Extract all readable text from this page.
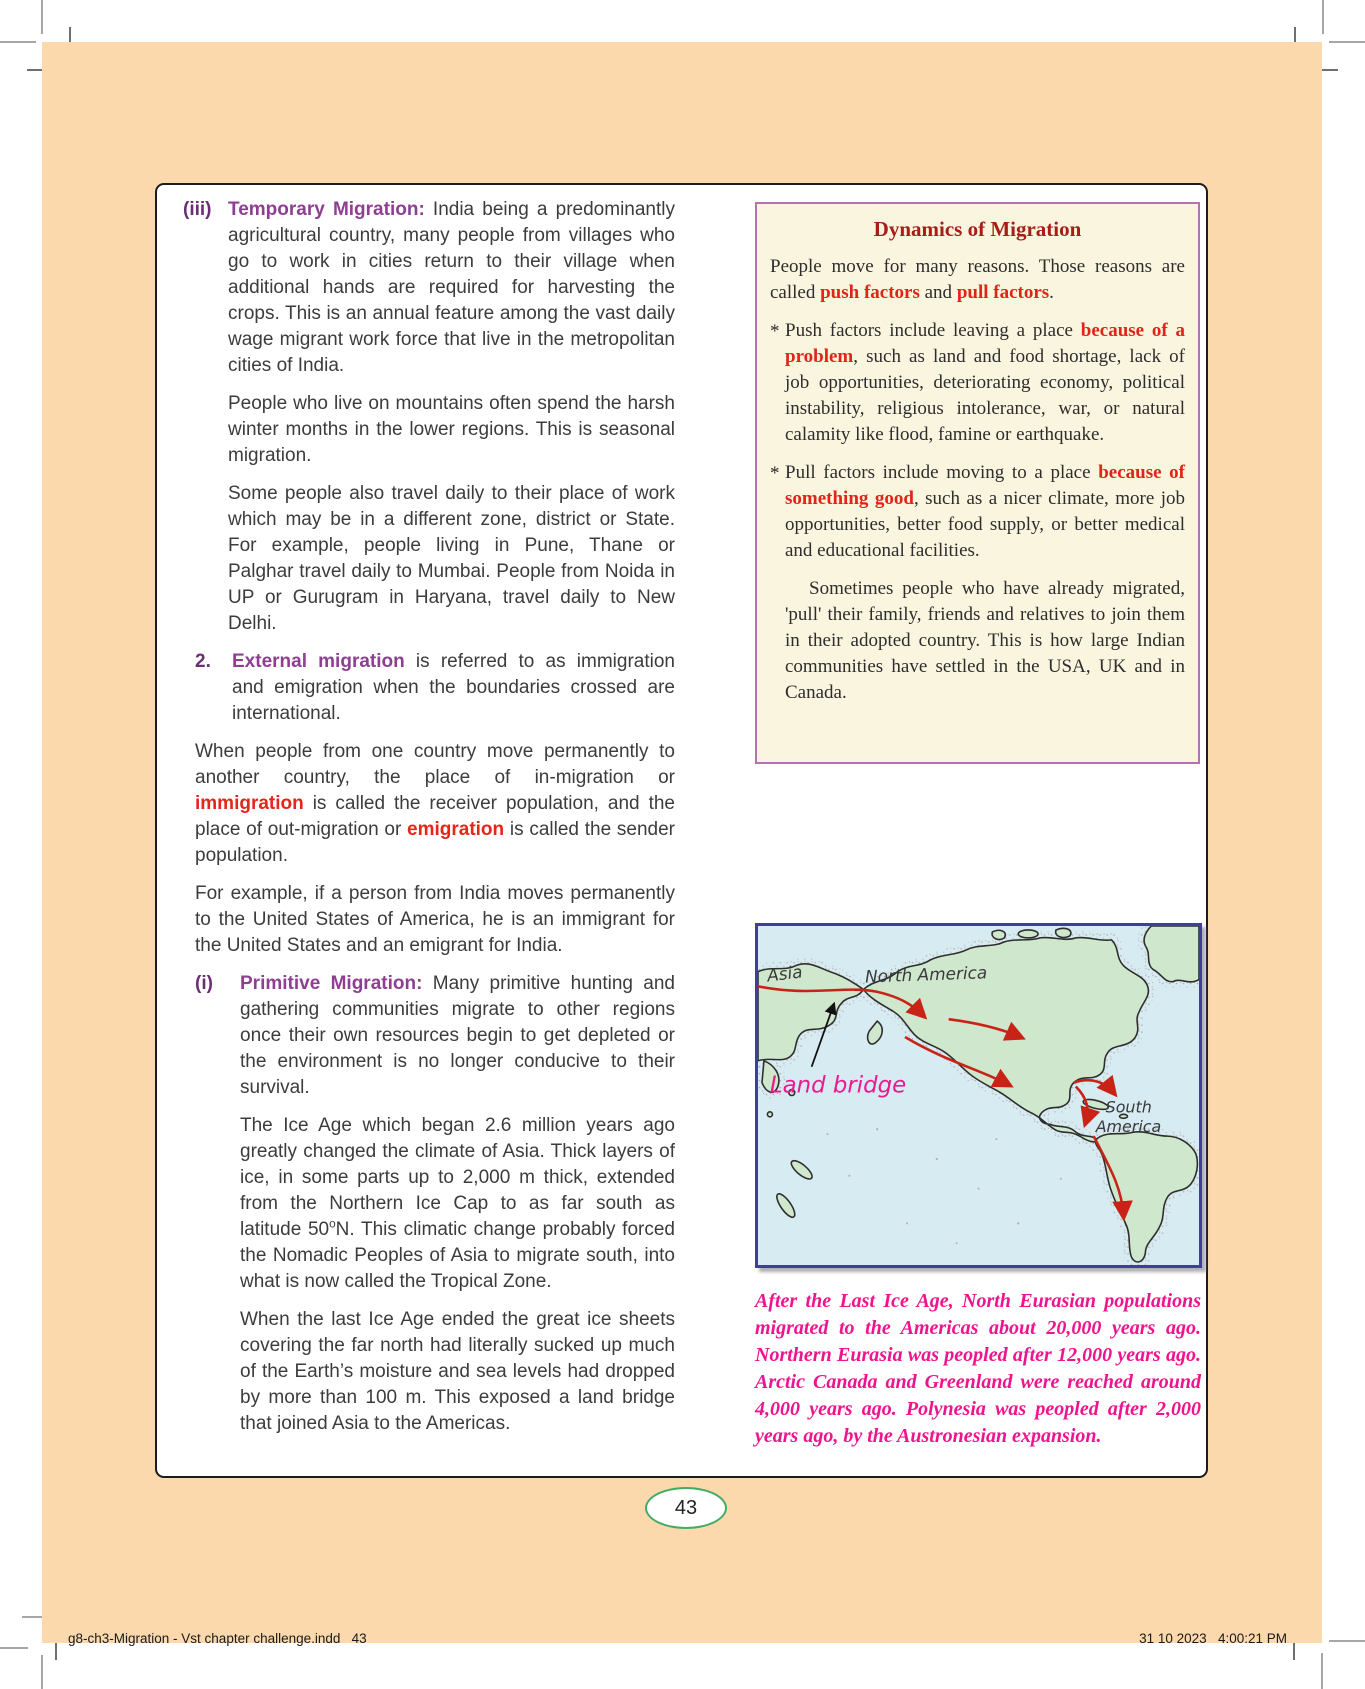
(iii) Temporary Migration: India being a predominantly agricultural country, many people from villages who go to work in cities return to their village when additional hands are required for harvesting the crops. This is an annual feature among the vast daily wage migrant work force that live in the metropolitan cities of India.

People who live on mountains often spend the harsh winter months in the lower regions. This is seasonal migration.

Some people also travel daily to their place of work which may be in a different zone, district or State. For example, people living in Pune, Thane or Palghar travel daily to Mumbai. People from Noida in UP or Gurugram in Haryana, travel daily to New Delhi.

2. External migration is referred to as immigration and emigration when the boundaries crossed are international.

When people from one country move permanently to another country, the place of in-migration or immigration is called the receiver population, and the place of out-migration or emigration is called the sender population.

For example, if a person from India moves permanently to the United States of America, he is an immigrant for the United States and an emigrant for India.

(i) Primitive Migration: Many primitive hunting and gathering communities migrate to other regions once their own resources begin to get depleted or the environment is no longer conducive to their survival.

The Ice Age which began 2.6 million years ago greatly changed the climate of Asia. Thick layers of ice, in some parts up to 2,000 m thick, extended from the Northern Ice Cap to as far south as latitude 50$^o$N. This climatic change probably forced the Nomadic Peoples of Asia to migrate south, into what is now called the Tropical Zone.

When the last Ice Age ended the great ice sheets covering the far north had literally sucked up much of the Earth’s moisture and sea levels had dropped by more than 100 m. This exposed a land bridge that joined Asia to the Americas.

Dynamics of Migration

People move for many reasons. Those reasons are called push factors and pull factors.

* Push factors include leaving a place because of a problem, such as land and food shortage, lack of job opportunities, deteriorating economy, political instability, religious intolerance, war, or natural calamity like flood, famine or earthquake.

* Pull factors include moving to a place because of something good, such as a nicer climate, more job opportunities, better food supply, or better medical and educational facilities.

Sometimes people who have already migrated, 'pull' their family, friends and relatives to join them in their adopted country. This is how large Indian communities have settled in the USA, UK and in Canada.

Asia	North America
South
America
Land bridge

After the Last Ice Age, North Eurasian populations migrated to the Americas about 20,000 years ago. Northern Eurasia was peopled after 12,000 years ago. Arctic Canada and Greenland were reached around 4,000 years ago. Polynesia was peopled after 2,000 years ago, by the Austronesian expansion.

43
g8-ch3-Migration - Vst chapter challenge.indd   43	31 10 2023   4:00:21 PM
